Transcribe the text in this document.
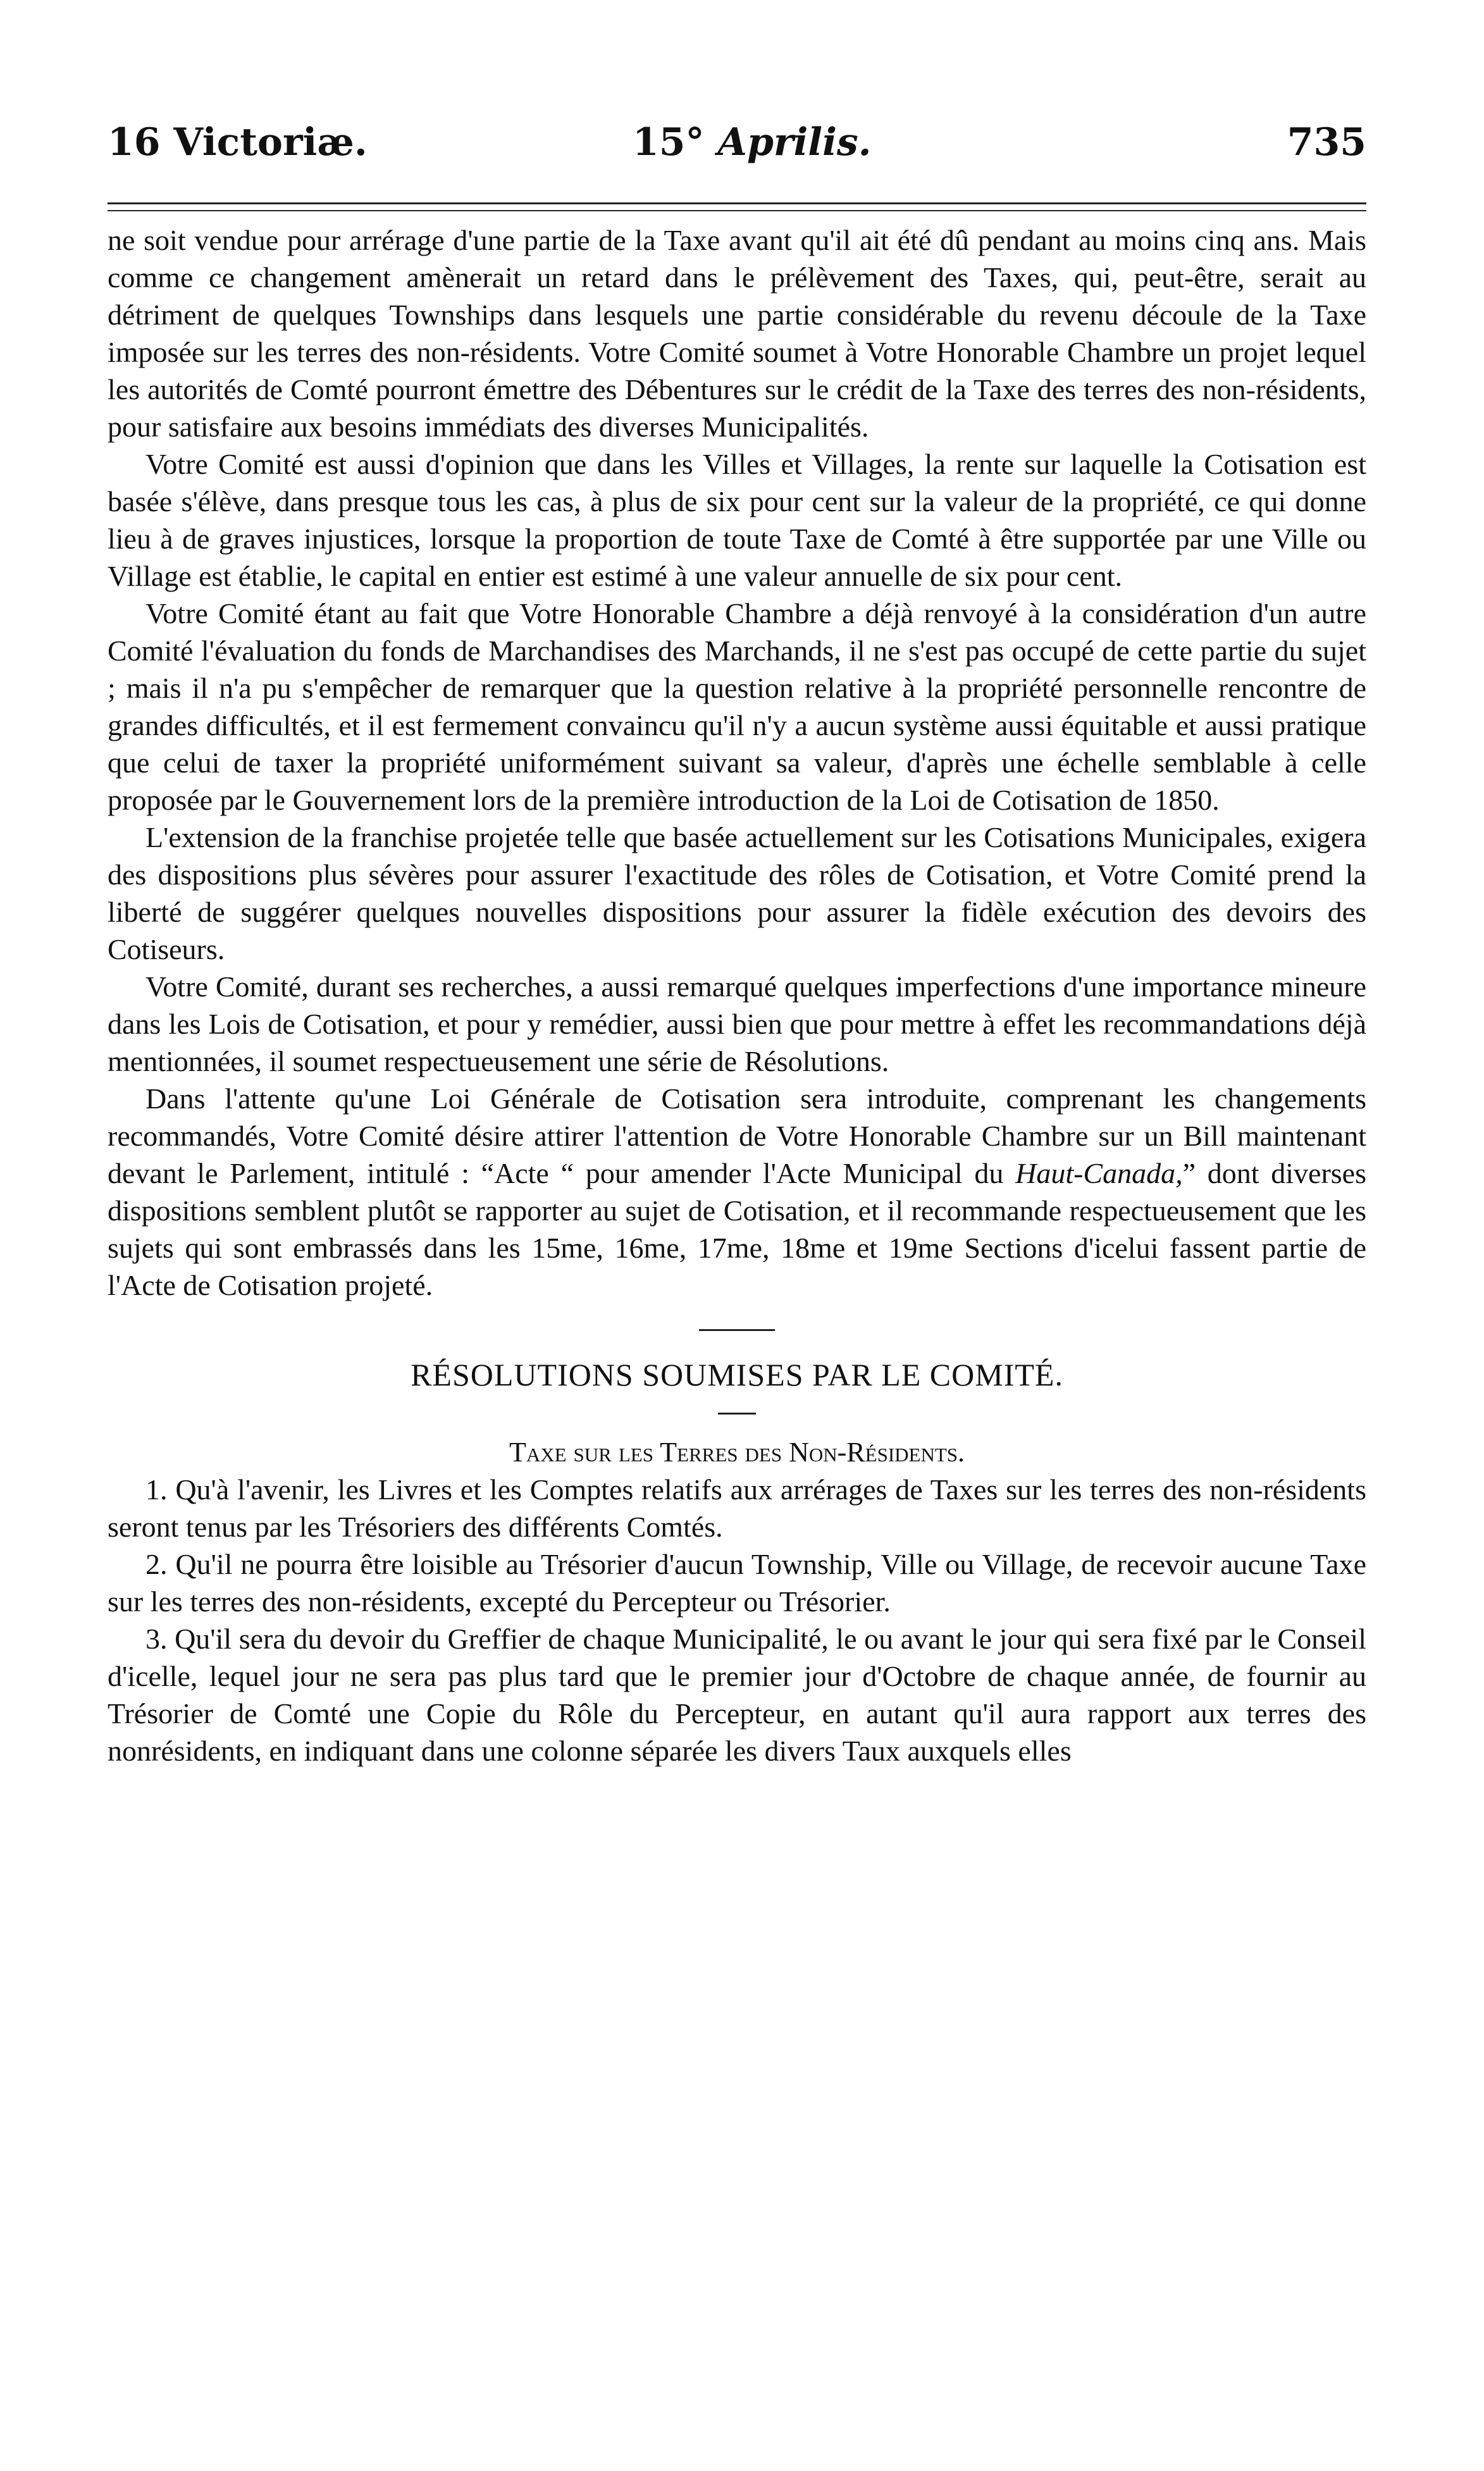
16 Victoriæ.	15° Aprilis.	735

ne soit vendue pour arrérage d'une partie de la Taxe avant qu'il ait été dû pendant au moins cinq ans. Mais comme ce changement amènerait un retard dans le prélèvement des Taxes, qui, peut-être, serait au détriment de quelques Townships dans lesquels une partie considérable du revenu découle de la Taxe imposée sur les terres des non-résidents. Votre Comité soumet à Votre Honorable Chambre un projet lequel les autorités de Comté pourront émettre des Débentures sur le crédit de la Taxe des terres des non-résidents, pour satisfaire aux besoins immédiats des diverses Municipalités.

Votre Comité est aussi d'opinion que dans les Villes et Villages, la rente sur laquelle la Cotisation est basée s'élève, dans presque tous les cas, à plus de six pour cent sur la valeur de la propriété, ce qui donne lieu à de graves injustices, lorsque la proportion de toute Taxe de Comté à être supportée par une Ville ou Village est établie, le capital en entier est estimé à une valeur annuelle de six pour cent.

Votre Comité étant au fait que Votre Honorable Chambre a déjà renvoyé à la considération d'un autre Comité l'évaluation du fonds de Marchandises des Marchands, il ne s'est pas occupé de cette partie du sujet ; mais il n'a pu s'empêcher de remarquer que la question relative à la propriété personnelle rencontre de grandes difficultés, et il est fermement convaincu qu'il n'y a aucun système aussi équitable et aussi pratique que celui de taxer la propriété uniformément suivant sa valeur, d'après une échelle semblable à celle proposée par le Gouvernement lors de la première introduction de la Loi de Cotisation de 1850.

L'extension de la franchise projetée telle que basée actuellement sur les Cotisations Municipales, exigera des dispositions plus sévères pour assurer l'exactitude des rôles de Cotisation, et Votre Comité prend la liberté de suggérer quelques nouvelles dispositions pour assurer la fidèle exécution des devoirs des Cotiseurs.

Votre Comité, durant ses recherches, a aussi remarqué quelques imperfections d'une importance mineure dans les Lois de Cotisation, et pour y remédier, aussi bien que pour mettre à effet les recommandations déjà mentionnées, il soumet respectueusement une série de Résolutions.

Dans l'attente qu'une Loi Générale de Cotisation sera introduite, comprenant les changements recommandés, Votre Comité désire attirer l'attention de Votre Honorable Chambre sur un Bill maintenant devant le Parlement, intitulé : “Acte “ pour amender l'Acte Municipal du Haut-Canada,” dont diverses dispositions semblent plutôt se rapporter au sujet de Cotisation, et il recommande respectueusement que les sujets qui sont embrassés dans les 15me, 16me, 17me, 18me et 19me Sections d'icelui fassent partie de l'Acte de Cotisation projeté.

RÉSOLUTIONS SOUMISES PAR LE COMITÉ.
Taxe sur les Terres des Non-Résidents.

1. Qu'à l'avenir, les Livres et les Comptes relatifs aux arrérages de Taxes sur les terres des non-résidents seront tenus par les Trésoriers des différents Comtés.

2. Qu'il ne pourra être loisible au Trésorier d'aucun Township, Ville ou Village, de recevoir aucune Taxe sur les terres des non-résidents, excepté du Percepteur ou Trésorier.

3. Qu'il sera du devoir du Greffier de chaque Municipalité, le ou avant le jour qui sera fixé par le Conseil d'icelle, lequel jour ne sera pas plus tard que le premier jour d'Octobre de chaque année, de fournir au Trésorier de Comté une Copie du Rôle du Percepteur, en autant qu'il aura rapport aux terres des nonrésidents, en indiquant dans une colonne séparée les divers Taux auxquels elles
